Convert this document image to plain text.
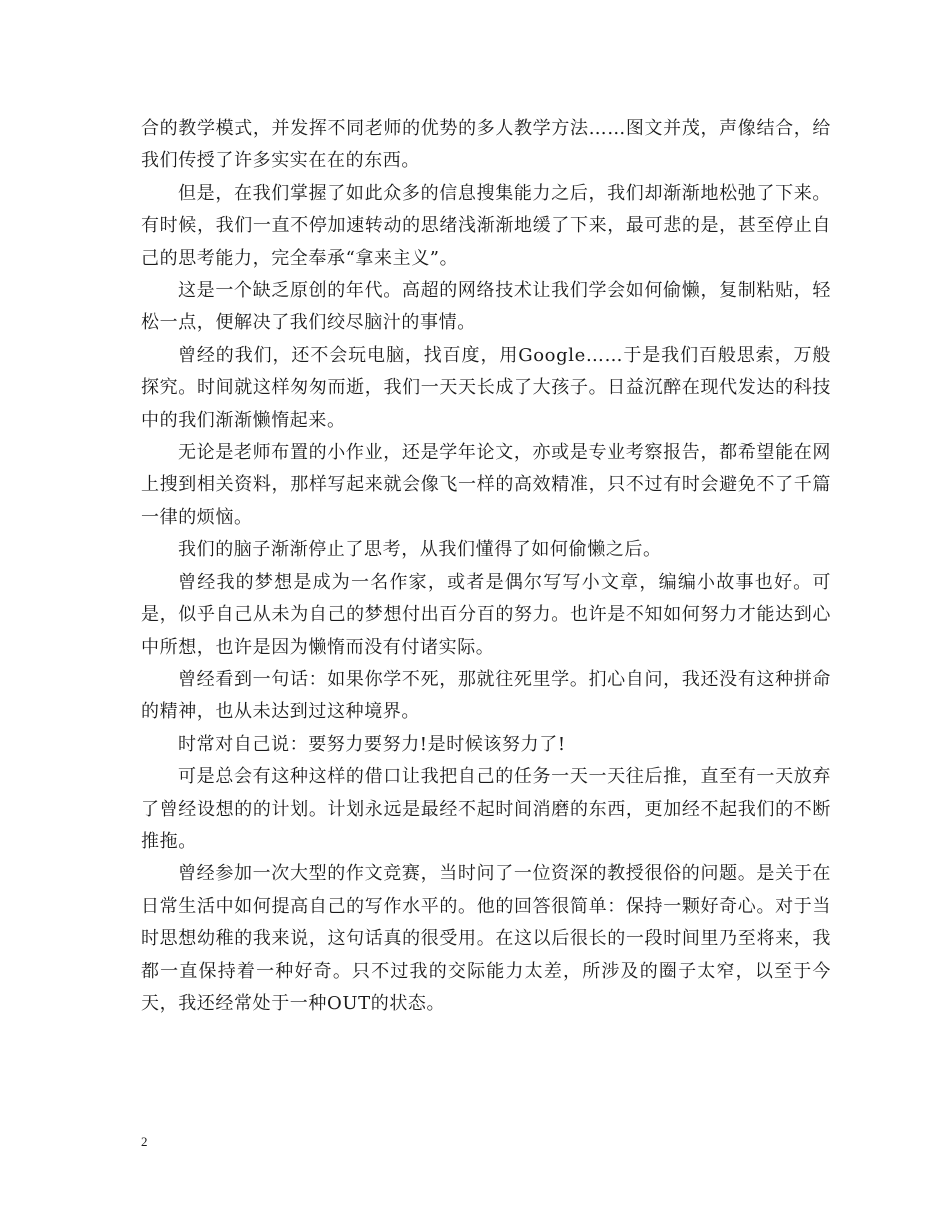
合的教学模式，并发挥不同老师的优势的多人教学方法……图文并茂，声像结合，给我们传授了许多实实在在的东西。

但是，在我们掌握了如此众多的信息搜集能力之后，我们却渐渐地松弛了下来。有时候，我们一直不停加速转动的思绪浅渐渐地缓了下来，最可悲的是，甚至停止自己的思考能力，完全奉承“拿来主义”。

这是一个缺乏原创的年代。高超的网络技术让我们学会如何偷懒，复制粘贴，轻松一点，便解决了我们绞尽脑汁的事情。

曾经的我们，还不会玩电脑，找百度，用Google……于是我们百般思索，万般探究。时间就这样匆匆而逝，我们一天天长成了大孩子。日益沉醉在现代发达的科技中的我们渐渐懒惰起来。

无论是老师布置的小作业，还是学年论文，亦或是专业考察报告，都希望能在网上搜到相关资料，那样写起来就会像飞一样的高效精准，只不过有时会避免不了千篇一律的烦恼。

我们的脑子渐渐停止了思考，从我们懂得了如何偷懒之后。

曾经我的梦想是成为一名作家，或者是偶尔写写小文章，编编小故事也好。可是，似乎自己从未为自己的梦想付出百分百的努力。也许是不知如何努力才能达到心中所想，也许是因为懒惰而没有付诸实际。

曾经看到一句话：如果你学不死，那就往死里学。扪心自问，我还没有这种拼命的精神，也从未达到过这种境界。

时常对自己说：要努力要努力!是时候该努力了!

可是总会有这种这样的借口让我把自己的任务一天一天往后推，直至有一天放弃了曾经设想的的计划。计划永远是最经不起时间消磨的东西，更加经不起我们的不断推拖。

曾经参加一次大型的作文竞赛，当时问了一位资深的教授很俗的问题。是关于在日常生活中如何提高自己的写作水平的。他的回答很简单：保持一颗好奇心。对于当时思想幼稚的我来说，这句话真的很受用。在这以后很长的一段时间里乃至将来，我都一直保持着一种好奇。只不过我的交际能力太差，所涉及的圈子太窄，以至于今天，我还经常处于一种OUT的状态。

2
